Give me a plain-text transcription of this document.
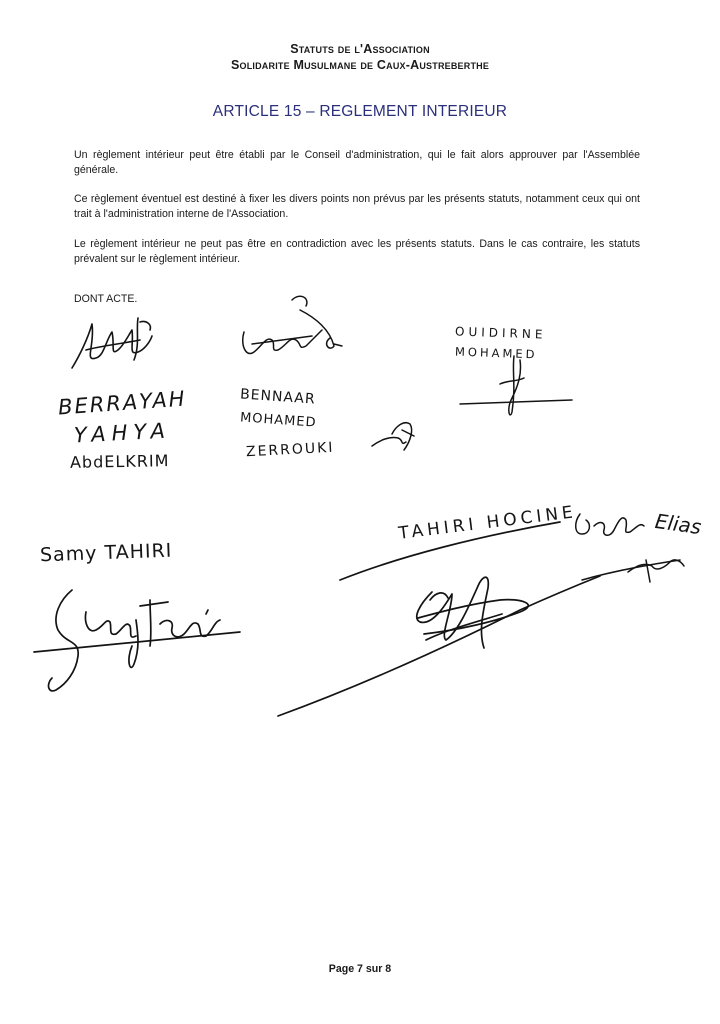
Statuts de l'Association
Solidarite Musulmane de Caux-Austreberthe
ARTICLE 15 – REGLEMENT INTERIEUR

Un règlement intérieur peut être établi par le Conseil d'administration, qui le fait alors approuver par l'Assemblée générale.

Ce règlement éventuel est destiné à fixer les divers points non prévus par les présents statuts, notamment ceux qui ont trait à l'administration interne de l'Association.

Le règlement intérieur ne peut pas être en contradiction avec les présents statuts. Dans le cas contraire, les statuts prévalent sur le règlement intérieur.

DONT ACTE.
OUIDIRNE
MOHAMED
BERRAYAH
YAHYA
AbdELKRIM
BENNAAR
MOHAMED
ZERROUKI
Samy TAHIRI
TAHIRI HOCINE	Elias
Page 7 sur 8
